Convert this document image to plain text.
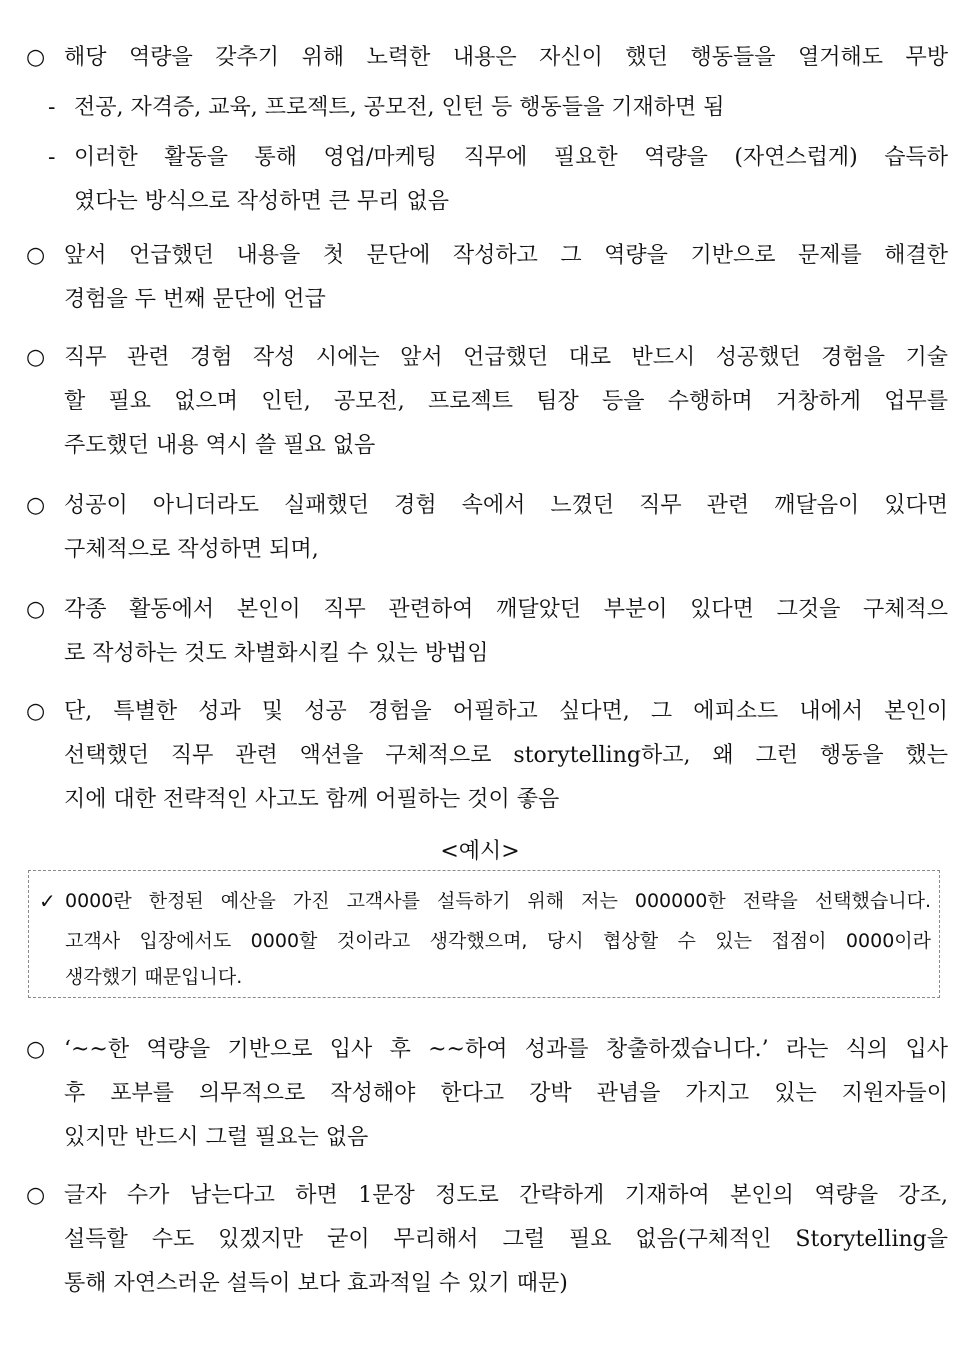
○ 해당 역량을 갖추기 위해 노력한 내용은 자신이 했던 행동들을 열거해도 무방
- 전공, 자격증, 교육, 프로젝트, 공모전, 인턴 등 행동들을 기재하면 됨
- 이러한 활동을 통해 영업/마케팅 직무에 필요한 역량을 (자연스럽게) 습득하
였다는 방식으로 작성하면 큰 무리 없음
○ 앞서 언급했던 내용을 첫 문단에 작성하고 그 역량을 기반으로 문제를 해결한
경험을 두 번째 문단에 언급
○ 직무 관련 경험 작성 시에는 앞서 언급했던 대로 반드시 성공했던 경험을 기술
할 필요 없으며 인턴, 공모전, 프로젝트 팀장 등을 수행하며 거창하게 업무를
주도했던 내용 역시 쓸 필요 없음
○ 성공이 아니더라도 실패했던 경험 속에서 느꼈던 직무 관련 깨달음이 있다면
구체적으로 작성하면 되며,
○ 각종 활동에서 본인이 직무 관련하여 깨달았던 부분이 있다면 그것을 구체적으
로 작성하는 것도 차별화시킬 수 있는 방법임
○ 단, 특별한 성과 및 성공 경험을 어필하고 싶다면, 그 에피소드 내에서 본인이
선택했던 직무 관련 액션을 구체적으로 storytelling하고, 왜 그런 행동을 했는
지에 대한 전략적인 사고도 함께 어필하는 것이 좋음
<예시>
✓ 0000란 한정된 예산을 가진 고객사를 설득하기 위해 저는 000000한 전략을 선택했습니다.
고객사 입장에서도 0000할 것이라고 생각했으며, 당시 협상할 수 있는 접점이 0000이라
생각했기 때문입니다.
○ ‘~~한 역량을 기반으로 입사 후 ~~하여 성과를 창출하겠습니다.’ 라는 식의 입사
후 포부를 의무적으로 작성해야 한다고 강박 관념을 가지고 있는 지원자들이
있지만 반드시 그럴 필요는 없음
○ 글자 수가 남는다고 하면 1문장 정도로 간략하게 기재하여 본인의 역량을 강조,
설득할 수도 있겠지만 굳이 무리해서 그럴 필요 없음(구체적인 Storytelling을
통해 자연스러운 설득이 보다 효과적일 수 있기 때문)
